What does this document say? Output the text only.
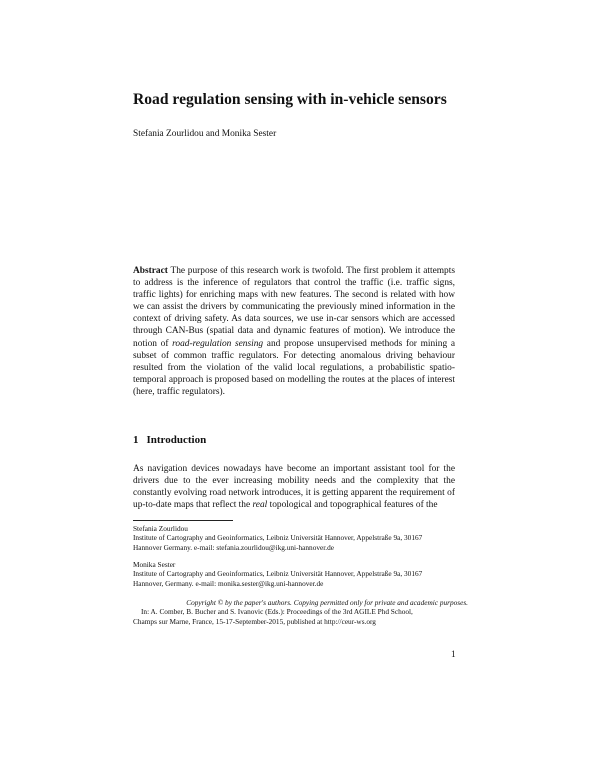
Road regulation sensing with in-vehicle sensors
Stefania Zourlidou and Monika Sester

Abstract The purpose of this research work is twofold. The first problem it attempts to address is the inference of regulators that control the traffic (i.e. traffic signs, traffic lights) for enriching maps with new features. The second is related with how we can assist the drivers by communicating the previously mined information in the context of driving safety. As data sources, we use in-car sensors which are accessed through CAN-Bus (spatial data and dynamic features of motion). We introduce the notion of road-regulation sensing and propose unsupervised methods for mining a subset of common traffic regulators. For detecting anomalous driving behaviour resulted from the violation of the valid local regulations, a probabilistic spatio-temporal approach is proposed based on modelling the routes at the places of interest (here, traffic regulators).

1 Introduction

As navigation devices nowadays have become an important assistant tool for the drivers due to the ever increasing mobility needs and the complexity that the constantly evolving road network introduces, it is getting apparent the requirement of up-to-date maps that reflect the real topological and topographical features of the

Stefania Zourlidou
Institute of Cartography and Geoinformatics, Leibniz Universität Hannover, Appelstraße 9a, 30167
Hannover Germany. e-mail: stefania.zourlidou@ikg.uni-hannover.de
Monika Sester
Institute of Cartography and Geoinformatics, Leibniz Universität Hannover, Appelstraße 9a, 30167
Hannover, Germany. e-mail: monika.sester@ikg.uni-hannover.de
Copyright © by the paper's authors. Copying permitted only for private and academic purposes.
In: A. Comber, B. Bucher and S. Ivanovic (Eds.): Proceedings of the 3rd AGILE Phd School,
Champs sur Marne, France, 15-17-September-2015, published at http://ceur-ws.org
1
